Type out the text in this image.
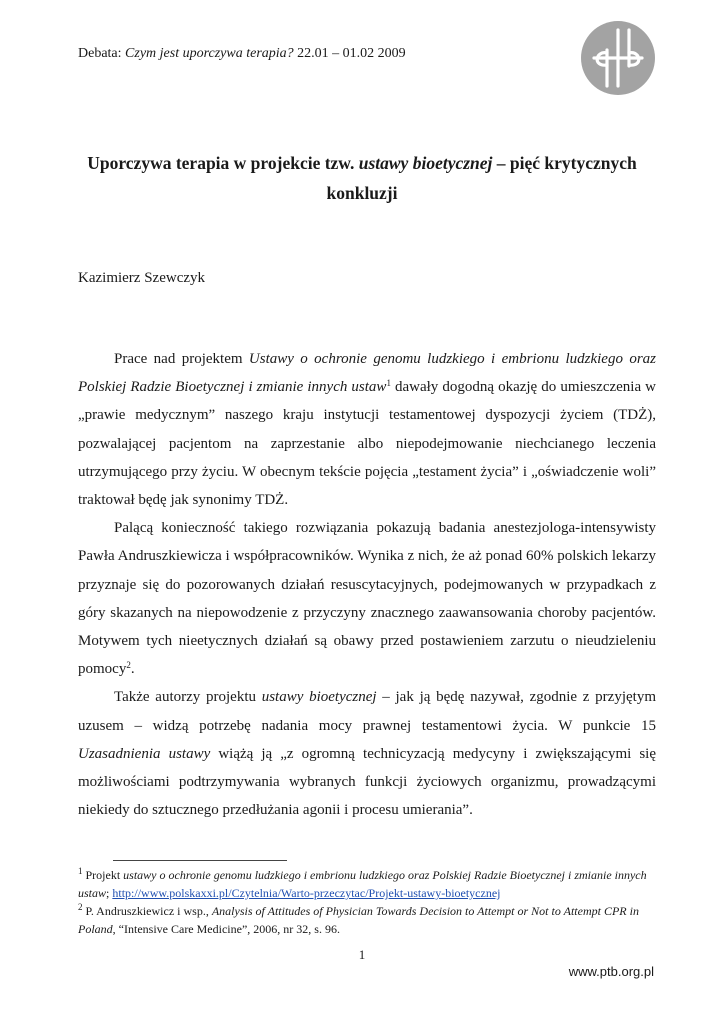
Debata: Czym jest uporczywa terapia? 22.01 – 01.02 2009
Uporczywa terapia w projekcie tzw. ustawy bioetycznej – pięć krytycznych konkluzji
Kazimierz Szewczyk

Prace nad projektem Ustawy o ochronie genomu ludzkiego i embrionu ludzkiego oraz Polskiej Radzie Bioetycznej i zmianie innych ustaw$^1$ dawały dogodną okazję do umieszczenia w „prawie medycznym” naszego kraju instytucji testamentowej dyspozycji życiem (TDŻ), pozwalającej pacjentom na zaprzestanie albo niepodejmowanie niechcianego leczenia utrzymującego przy życiu. W obecnym tekście pojęcia „testament życia” i „oświadczenie woli” traktował będę jak synonimy TDŻ.

Palącą konieczność takiego rozwiązania pokazują badania anestezjologa-intensywisty Pawła Andruszkiewicza i współpracowników. Wynika z nich, że aż ponad 60% polskich lekarzy przyznaje się do pozorowanych działań resuscytacyjnych, podejmowanych w przypadkach z góry skazanych na niepowodzenie z przyczyny znacznego zaawansowania choroby pacjentów. Motywem tych nieetycznych działań są obawy przed postawieniem zarzutu o nieudzieleniu pomocy$^2$.

Także autorzy projektu ustawy bioetycznej – jak ją będę nazywał, zgodnie z przyjętym uzusem – widzą potrzebę nadania mocy prawnej testamentowi życia. W punkcie 15 Uzasadnienia ustawy wiążą ją „z ogromną technicyzacją medycyny i zwiększającymi się możliwościami podtrzymywania wybranych funkcji życiowych organizmu, prowadzącymi niekiedy do sztucznego przedłużania agonii i procesu umierania”.

$^1$ Projekt ustawy o ochronie genomu ludzkiego i embrionu ludzkiego oraz Polskiej Radzie Bioetycznej i zmianie innych ustaw; http://www.polskaxxi.pl/Czytelnia/Warto-przeczytac/Projekt-ustawy-bioetycznej
$^2$ P. Andruszkiewicz i wsp., Analysis of Attitudes of Physician Towards Decision to Attempt or Not to Attempt CPR in Poland, “Intensive Care Medicine”, 2006, nr 32, s. 96.
1
www.ptb.org.pl
